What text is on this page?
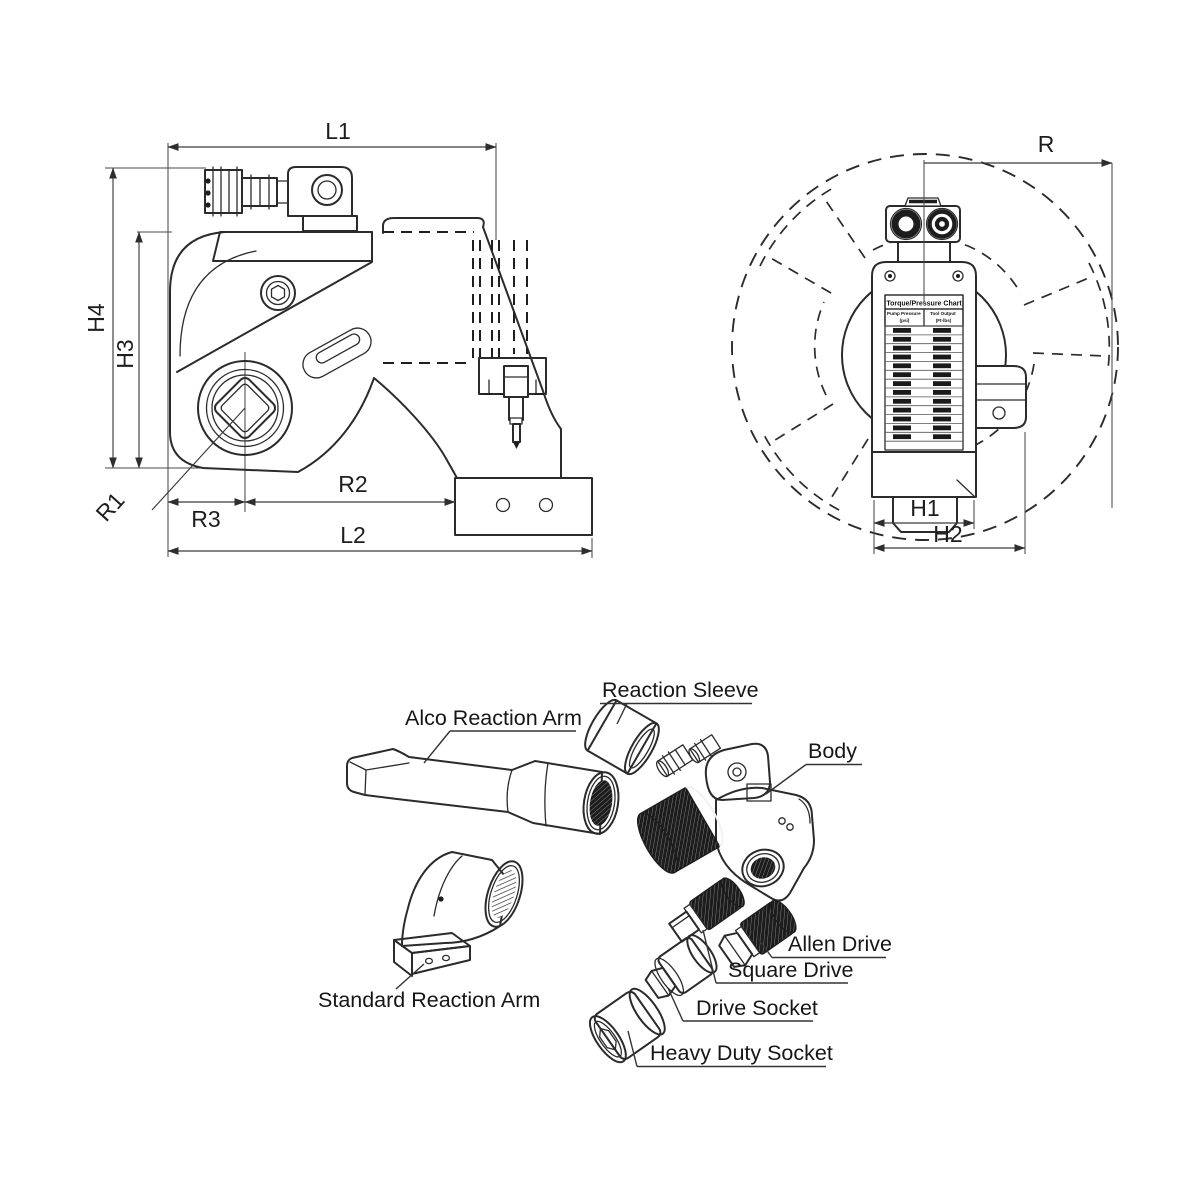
L1
H4
H3
R1
R2
R3
L2
Torque/Pressure Chart
Pump Pressure (psi)
Tool Output (Ft-lbs)
R
H1
H2
Reaction Sleeve
Alco Reaction Arm
Body
Allen Drive
Square Drive
Drive Socket
Heavy Duty Socket
Standard Reaction Arm
